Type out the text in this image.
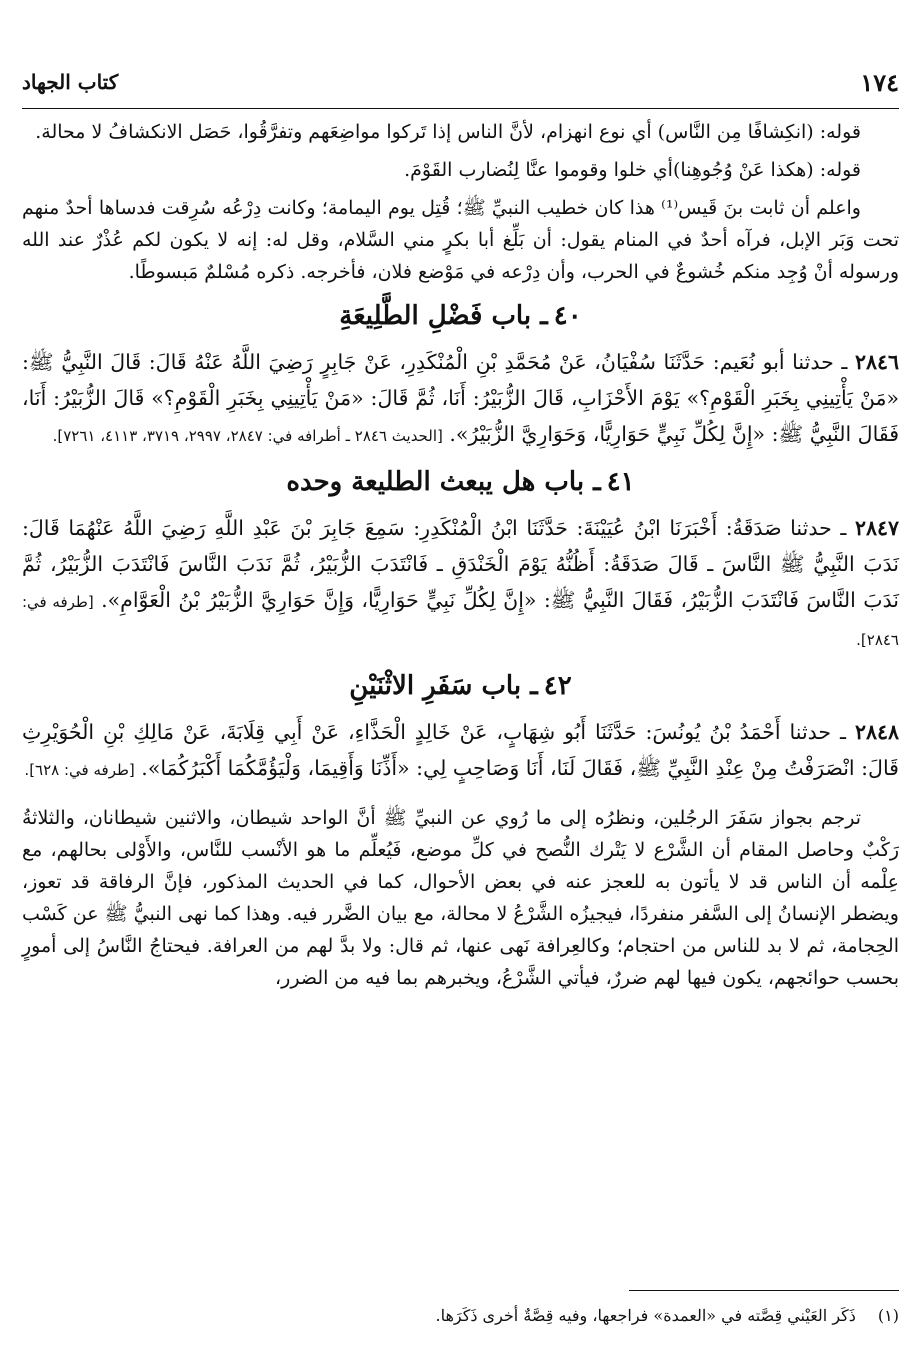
١٧٤
كتاب الجهاد

قوله: (انكِشافًا مِن النَّاس) أي نوع انهزام، لأنَّ الناس إذا تَركوا مواضِعَهم وتفرَّقُوا، حَصَل الانكشافُ لا محالة.

قوله: (هكذا عَنْ وُجُوهِنا)أي خلوا وقوموا عنَّا لِنُضارب القَوْمَ.

واعلم أن ثابت بنَ قَيس⁽¹⁾ هذا كان خطيب النبيِّ ﷺ؛ قُتِل يوم اليمامة؛ وكانت دِرْعُه سُرِقت فدساها أحدٌ منهم تحت وَبَر الإبل، فرآه أحدٌ في المنام يقول: أن بَلِّغ أبا بكرٍ مني السَّلام، وقل له: إنه لا يكون لكم عُذْرٌ عند الله ورسوله أنْ وُجِد منكم خُشوعٌ في الحرب، وأن دِرْعه في مَوْضع فلان، فأخرجه. ذكره مُسْلمٌ مَبسوطًا.

٤٠ـ باب فَضْلِ الطَّلِيعَةِ

٢٨٤٦ ـ حدثنا أبو نُعَيم: حَدَّثَنَا سُفْيَانُ، عَنْ مُحَمَّدِ بْنِ الْمُنْكَدِرِ، عَنْ جَابِرٍ رَضِيَ اللَّهُ عَنْهُ قَالَ: قَالَ النَّبِيُّ ﷺ: «مَنْ يَأْتِينِي بِخَبَرِ الْقَوْمِ؟» يَوْمَ الأَحْزَابِ، قَالَ الزُّبَيْرُ: أَنَا، ثُمَّ قَالَ: «مَنْ يَأْتِينِي بِخَبَرِ الْقَوْمِ؟» قَالَ الزُّبَيْرُ: أَنَا، فَقَالَ النَّبِيُّ ﷺ: «إِنَّ لِكُلِّ نَبِيٍّ حَوَارِيًّا، وَحَوَارِيَّ الزُّبَيْرُ». [الحديث ٢٨٤٦ ـ أطرافه في: ٢٨٤٧، ٢٩٩٧، ٣٧١٩، ٤١١٣، ٧٢٦١].

٤١ـ باب هل يبعث الطليعة وحده

٢٨٤٧ ـ حدثنا صَدَقَةُ: أَخْبَرَنَا ابْنُ عُيَيْنَةَ: حَدَّثَنَا ابْنُ الْمُنْكَدِرِ: سَمِعَ جَابِرَ بْنَ عَبْدِ اللَّهِ رَضِيَ اللَّهُ عَنْهُمَا قَالَ: نَدَبَ النَّبِيُّ ﷺ النَّاسَ ـ قَالَ صَدَقَةُ: أَظُنُّهُ يَوْمَ الْخَنْدَقِ ـ فَانْتَدَبَ الزُّبَيْرُ، ثُمَّ نَدَبَ النَّاسَ فَانْتَدَبَ الزُّبَيْرُ، ثُمَّ نَدَبَ النَّاسَ فَانْتَدَبَ الزُّبَيْرُ، فَقَالَ النَّبِيُّ ﷺ: «إِنَّ لِكُلِّ نَبِيٍّ حَوَارِيًّا، وَإِنَّ حَوَارِيَّ الزُّبَيْرُ بْنُ الْعَوَّامِ». [طرفه في: ٢٨٤٦].

٤٢ـ باب سَفَرِ الاثْنَيْنِ

٢٨٤٨ ـ حدثنا أَحْمَدُ بْنُ يُونُسَ: حَدَّثَنَا أَبُو شِهَابٍ، عَنْ خَالِدٍ الْحَذَّاءِ، عَنْ أَبِي قِلَابَةَ، عَنْ مَالِكِ بْنِ الْحُوَيْرِثِ قَالَ: انْصَرَفْتُ مِنْ عِنْدِ النَّبِيِّ ﷺ، فَقَالَ لَنَا، أَنَا وَصَاحِبٍ لِي: «أَذِّنَا وَأَقِيمَا، وَلْيَؤُمَّكُمَا أَكْبَرُكُمَا». [طرفه في: ٦٢٨].

ترجم بجواز سَفَرَ الرجُلين، ونظرُه إلى ما رُوي عن النبيِّ ﷺ أنَّ الواحد شيطان، والاثنين شيطانان، والثلاثةُ رَكْبٌ وحاصل المقام أن الشَّرْع لا يَتْرك النُّصح في كلِّ موضع، فَيُعلِّم ما هو الأنْسب للنَّاس، والأَوْلى بحالهم، مع عِلْمه أن الناس قد لا يأتون به للعجز عنه في بعض الأحوال، كما في الحديث المذكور، فإنَّ الرفاقة قد تعوز، ويضطر الإنسانُ إلى السَّفر منفردًا، فيجيزُه الشَّرْعُ لا محالة، مع بيان الضَّرر فيه. وهذا كما نهى النبيُّ ﷺ عن كَسْب الحِجامة، ثم لا بد للناس من احتجام؛ وكالعِرافة نَهى عنها، ثم قال: ولا بدَّ لهم من العرافة. فيحتاجُ النَّاسُ إلى أمورٍ بحسب حوائجهم، يكون فيها لهم ضررٌ، فيأتي الشَّرْعُ، ويخبرهم بما فيه من الضرر،

(١)ذَكَر العَيْني قِصَّته في «العمدة» فراجعها، وفيه قِصَّةٌ أخرى ذَكَرَها.
